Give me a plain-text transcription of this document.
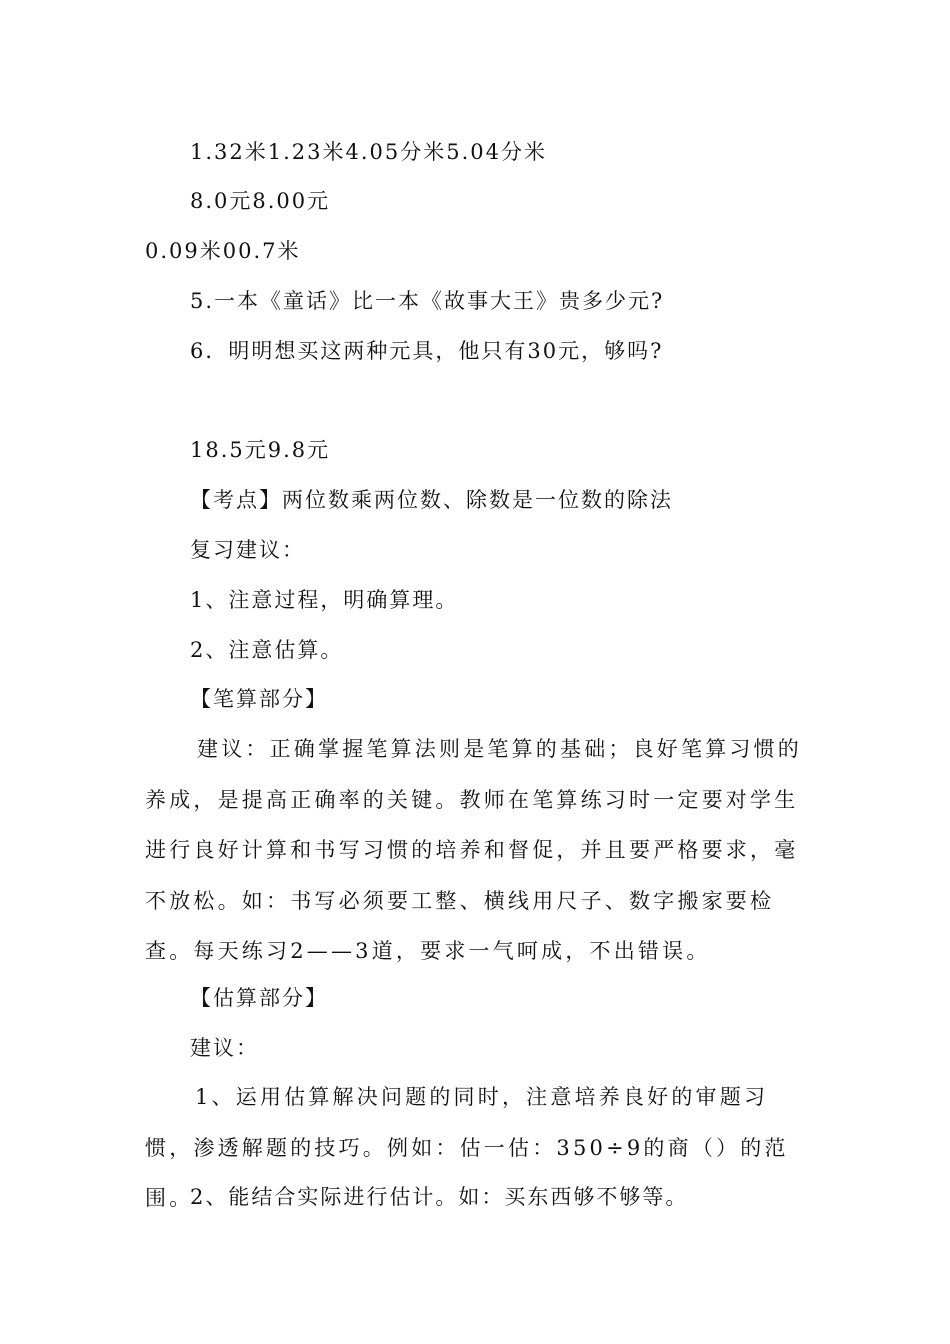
1.32米1.23米4.05分米5.04分米
8.0元8.00元
0.09米00.7米
5.一本《童话》比一本《故事大王》贵多少元?
6．明明想买这两种元具，他只有30元，够吗?
18.5元9.8元
【考点】两位数乘两位数、除数是一位数的除法
复习建议：
1、注意过程，明确算理。
2、注意估算。
【笔算部分】
建议：正确掌握笔算法则是笔算的基础；良好笔算习惯的养成，是提高正确率的关键。教师在笔算练习时一定要对学生进行良好计算和书写习惯的培养和督促，并且要严格要求，毫不放松。如：书写必须要工整、横线用尺子、数字搬家要检查。每天练习2——3道，要求一气呵成，不出错误。
【估算部分】
建议：
1、运用估算解决问题的同时，注意培养良好的审题习惯，渗透解题的技巧。例如：估一估：350÷9的商（）的范围。
2、能结合实际进行估计。如：买东西够不够等。
